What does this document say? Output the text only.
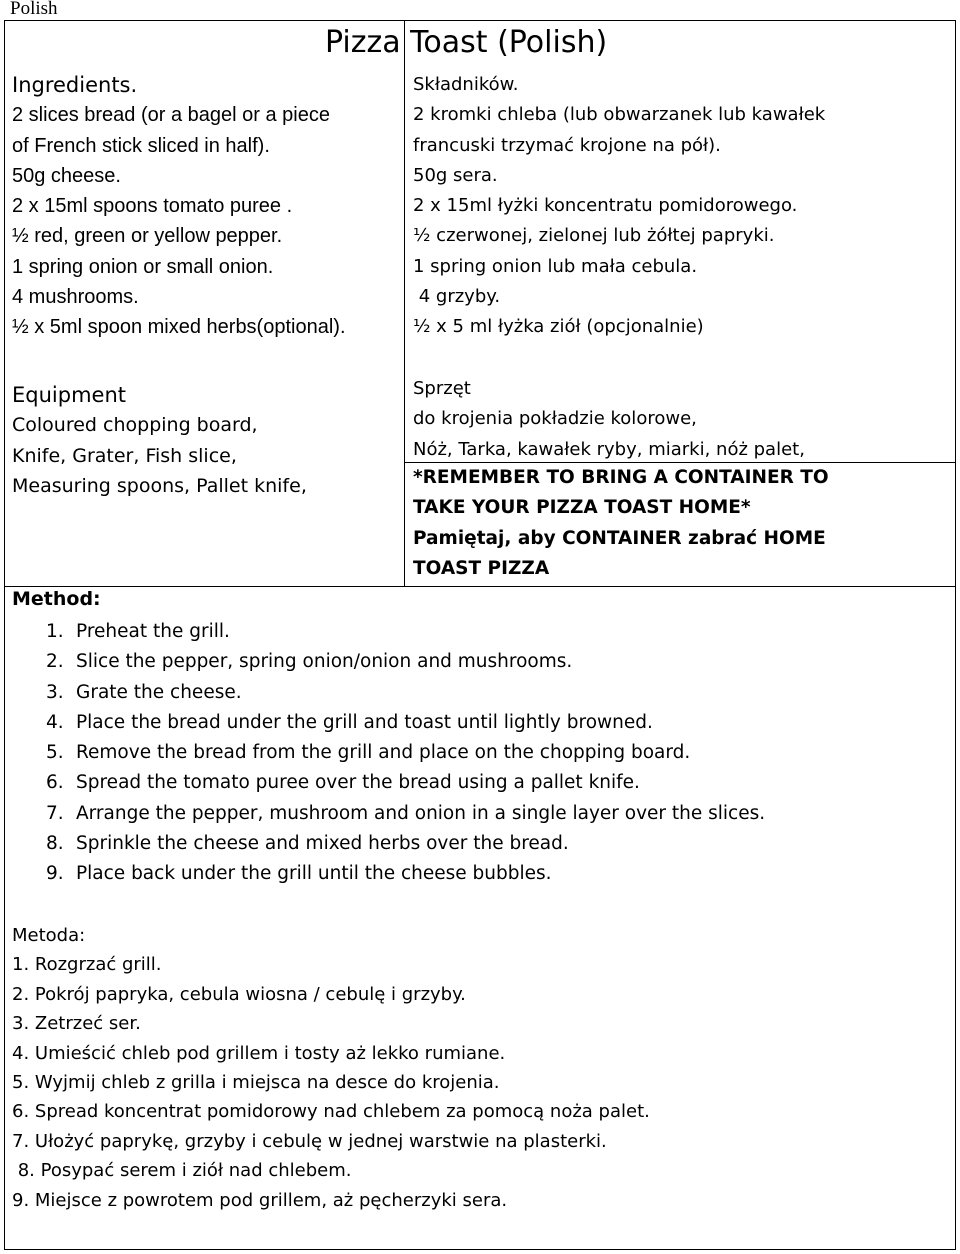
Polish
Pizza Toast (Polish)
Ingredients.
2 slices bread (or a bagel or a piece
of French stick sliced in half).
50g cheese.
2 x 15ml spoons tomato puree .
½ red, green or yellow pepper.
1 spring onion or small onion.
4 mushrooms.
½ x 5ml spoon mixed herbs(optional).
Składników.
2 kromki chleba (lub obwarzanek lub kawałek
francuski trzymać krojone na pół).
50g sera.
2 x 15ml łyżki koncentratu pomidorowego.
½ czerwonej, zielonej lub żółtej papryki.
1 spring onion lub mała cebula.
4 grzyby.
½ x 5 ml łyżka ziół (opcjonalnie)
Equipment
Coloured chopping board,
Knife, Grater, Fish slice,
Measuring spoons, Pallet knife,
Sprzęt
do krojenia pokładzie kolorowe,
Nóż, Tarka, kawałek ryby, miarki, nóż palet,
*REMEMBER TO BRING A CONTAINER TO
TAKE YOUR PIZZA TOAST HOME*
Pamiętaj, aby CONTAINER zabrać HOME
TOAST PIZZA
Method:
1. Preheat the grill.
2. Slice the pepper, spring onion/onion and mushrooms.
3. Grate the cheese.
4. Place the bread under the grill and toast until lightly browned.
5. Remove the bread from the grill and place on the chopping board.
6. Spread the tomato puree over the bread using a pallet knife.
7. Arrange the pepper, mushroom and onion in a single layer over the slices.
8. Sprinkle the cheese and mixed herbs over the bread.
9. Place back under the grill until the cheese bubbles.
Metoda:
1. Rozgrzać grill.
2. Pokrój papryka, cebula wiosna / cebulę i grzyby.
3. Zetrzeć ser.
4. Umieścić chleb pod grillem i tosty aż lekko rumiane.
5. Wyjmij chleb z grilla i miejsca na desce do krojenia.
6. Spread koncentrat pomidorowy nad chlebem za pomocą noża palet.
7. Ułożyć paprykę, grzyby i cebulę w jednej warstwie na plasterki.
8. Posypać serem i ziół nad chlebem.
9. Miejsce z powrotem pod grillem, aż pęcherzyki sera.
